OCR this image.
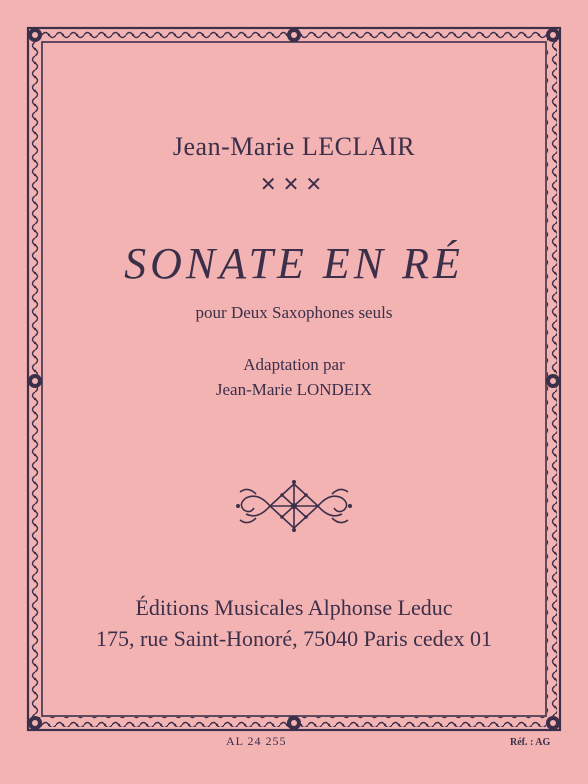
Jean-Marie LECLAIR
✕✕✕
SONATE EN RÉ
pour Deux Saxophones seuls
Adaptation par
Jean-Marie LONDEIX
Éditions Musicales Alphonse Leduc
175, rue Saint-Honoré, 75040 Paris cedex 01
AL 24 255	Réf. : AG
